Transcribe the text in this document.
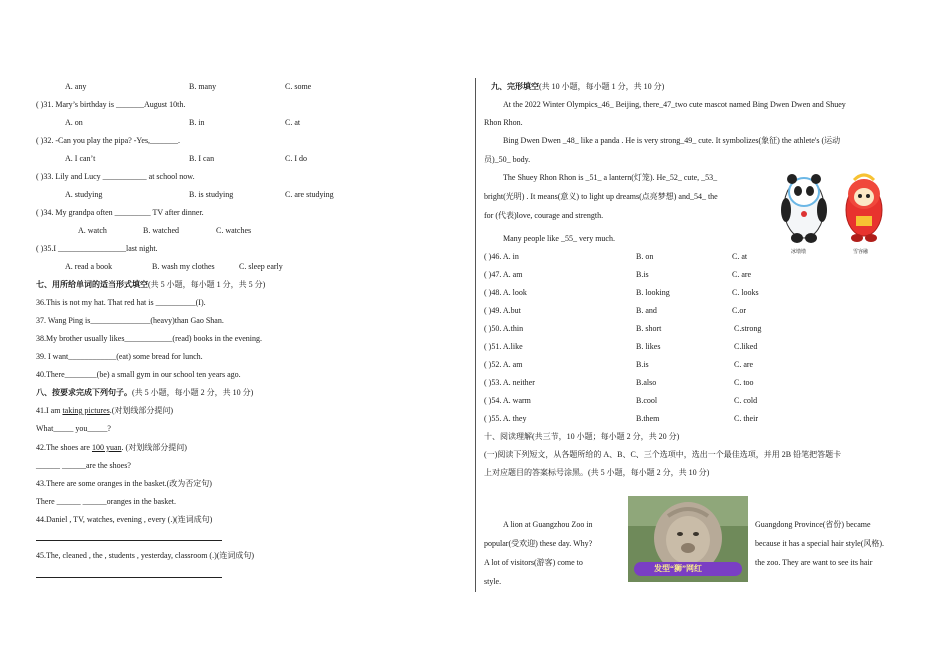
A. any	B. many	C. some
( )31. Mary’s birthday is _______August 10th.
A. on	B. in	C. at
( )32. -Can you play the pipa? -Yes,_______.
A. I can’t	B. I can	C. I do
( )33. Lily and Lucy ___________ at school now.
A. studying	B. is studying	C. are studying
( )34. My grandpa often _________ TV after dinner.
A. watch	B. watched	C. watches
( )35.I _________________last night.
A. read a book	B. wash my clothes	C. sleep early
七、用所给单词的适当形式填空(共 5 小题，每小题 1 分，共 5 分)
36.This is not my hat. That red hat is __________(I).
37. Wang Ping is_______________(heavy)than Gao Shan.
38.My brother usually likes____________(read) books in the evening.
39. I want____________(eat) some bread for lunch.
40.There________(be) a small gym in our school ten years ago.
八、按要求完成下列句子。(共 5 小题，每小题 2 分，共 10 分)
41.I am taking pictures.(对划线部分提问)
What_____ you_____?
42.The shoes are 100 yuan. (对划线部分提问)
______ ______are the shoes?
43.There are some oranges in the basket.(改为否定句)
There ______ ______oranges in the basket.
44.Daniel , TV, watches, evening , every (.)(连词成句)
45.The, cleaned , the , students , yesterday, classroom (.)(连词成句)
九、完形填空(共 10 小题，每小题 1 分，共 10 分)
At the 2022 Winter Olympics_46_ Beijing, there_47_two cute mascot named Bing Dwen Dwen and Shuey
Rhon Rhon.
Bing Dwen Dwen _48_ like a panda . He is very strong_49_ cute. It symbolizes(象征) the athlete's (运动
员)_50_ body.
The Shuey Rhon Rhon is _51_ a lantern(灯笼). He_52_ cute, _53_
bright(光明) . It means(意义) to light up dreams(点亮梦想) and_54_ the
for (代表)love, courage and strength.
Many people like _55_ very much.
冰墩墩	雪容融
( )46. A. in	B. on	C. at
( )47. A. am	B.is	C. are
( )48. A. look	B. looking	C. looks
( )49. A.but	B. and	C.or
( )50. A.thin	B. short	C.strong
( )51. A.like	B. likes	C.liked
( )52. A. am	B.is	C. are
( )53. A. neither	B.also	C. too
( )54. A. warm	B.cool	C. cold
( )55. A. they	B.them	C. their
十、阅读理解(共三节，10 小题；每小题 2 分，共 20 分)
(一)阅读下列短文，从各题所给的 A、B、C、三个选项中，选出一个最佳选项，并用 2B 铅笔把答题卡
上对应题目的答案标号涂黑。(共 5 小题，每小题 2 分，共 10 分)
A lion at Guangzhou Zoo in	Guangdong Province(省份) became
popular(受欢迎) these day. Why?	because it has a special hair style(风格).
A lot of visitors(游客) come to	the zoo. They are want to see its hair
style.
发型“狮”网红
